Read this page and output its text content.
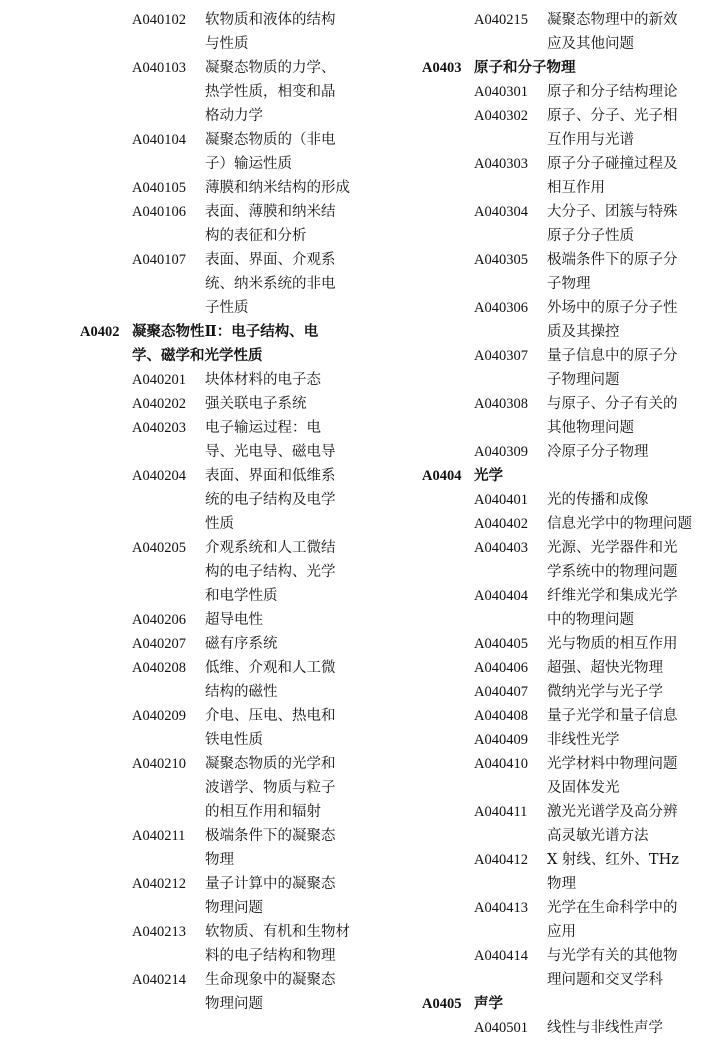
A040102	软物质和液体的结构
与性质
A040103	凝聚态物质的力学、
热学性质，相变和晶
格动力学
A040104	凝聚态物质的（非电
子）输运性质
A040105	薄膜和纳米结构的形成
A040106	表面、薄膜和纳米结
构的表征和分析
A040107	表面、界面、介观系
统、纳米系统的非电
子性质
A0402 凝聚态物性Ⅱ：电子结构、电
学、磁学和光学性质
A040201	块体材料的电子态
A040202	强关联电子系统
A040203	电子输运过程：电
导、光电导、磁电导
A040204	表面、界面和低维系
统的电子结构及电学
性质
A040205	介观系统和人工微结
构的电子结构、光学
和电学性质
A040206	超导电性
A040207	磁有序系统
A040208	低维、介观和人工微
结构的磁性
A040209	介电、压电、热电和
铁电性质
A040210	凝聚态物质的光学和
波谱学、物质与粒子
的相互作用和辐射
A040211	极端条件下的凝聚态
物理
A040212	量子计算中的凝聚态
物理问题
A040213	软物质、有机和生物材
料的电子结构和物理
A040214	生命现象中的凝聚态
物理问题
A040215	凝聚态物理中的新效
应及其他问题
A0403 原子和分子物理
A040301	原子和分子结构理论
A040302	原子、分子、光子相
互作用与光谱
A040303	原子分子碰撞过程及
相互作用
A040304	大分子、团簇与特殊
原子分子性质
A040305	极端条件下的原子分
子物理
A040306	外场中的原子分子性
质及其操控
A040307	量子信息中的原子分
子物理问题
A040308	与原子、分子有关的
其他物理问题
A040309	冷原子分子物理
A0404 光学
A040401	光的传播和成像
A040402	信息光学中的物理问题
A040403	光源、光学器件和光
学系统中的物理问题
A040404	纤维光学和集成光学
中的物理问题
A040405	光与物质的相互作用
A040406	超强、超快光物理
A040407	微纳光学与光子学
A040408	量子光学和量子信息
A040409	非线性光学
A040410	光学材料中物理问题
及固体发光
A040411	激光光谱学及高分辨
高灵敏光谱方法
A040412	X 射线、红外、THz
物理
A040413	光学在生命科学中的
应用
A040414	与光学有关的其他物
理问题和交叉学科
A0405 声学
A040501	线性与非线性声学
